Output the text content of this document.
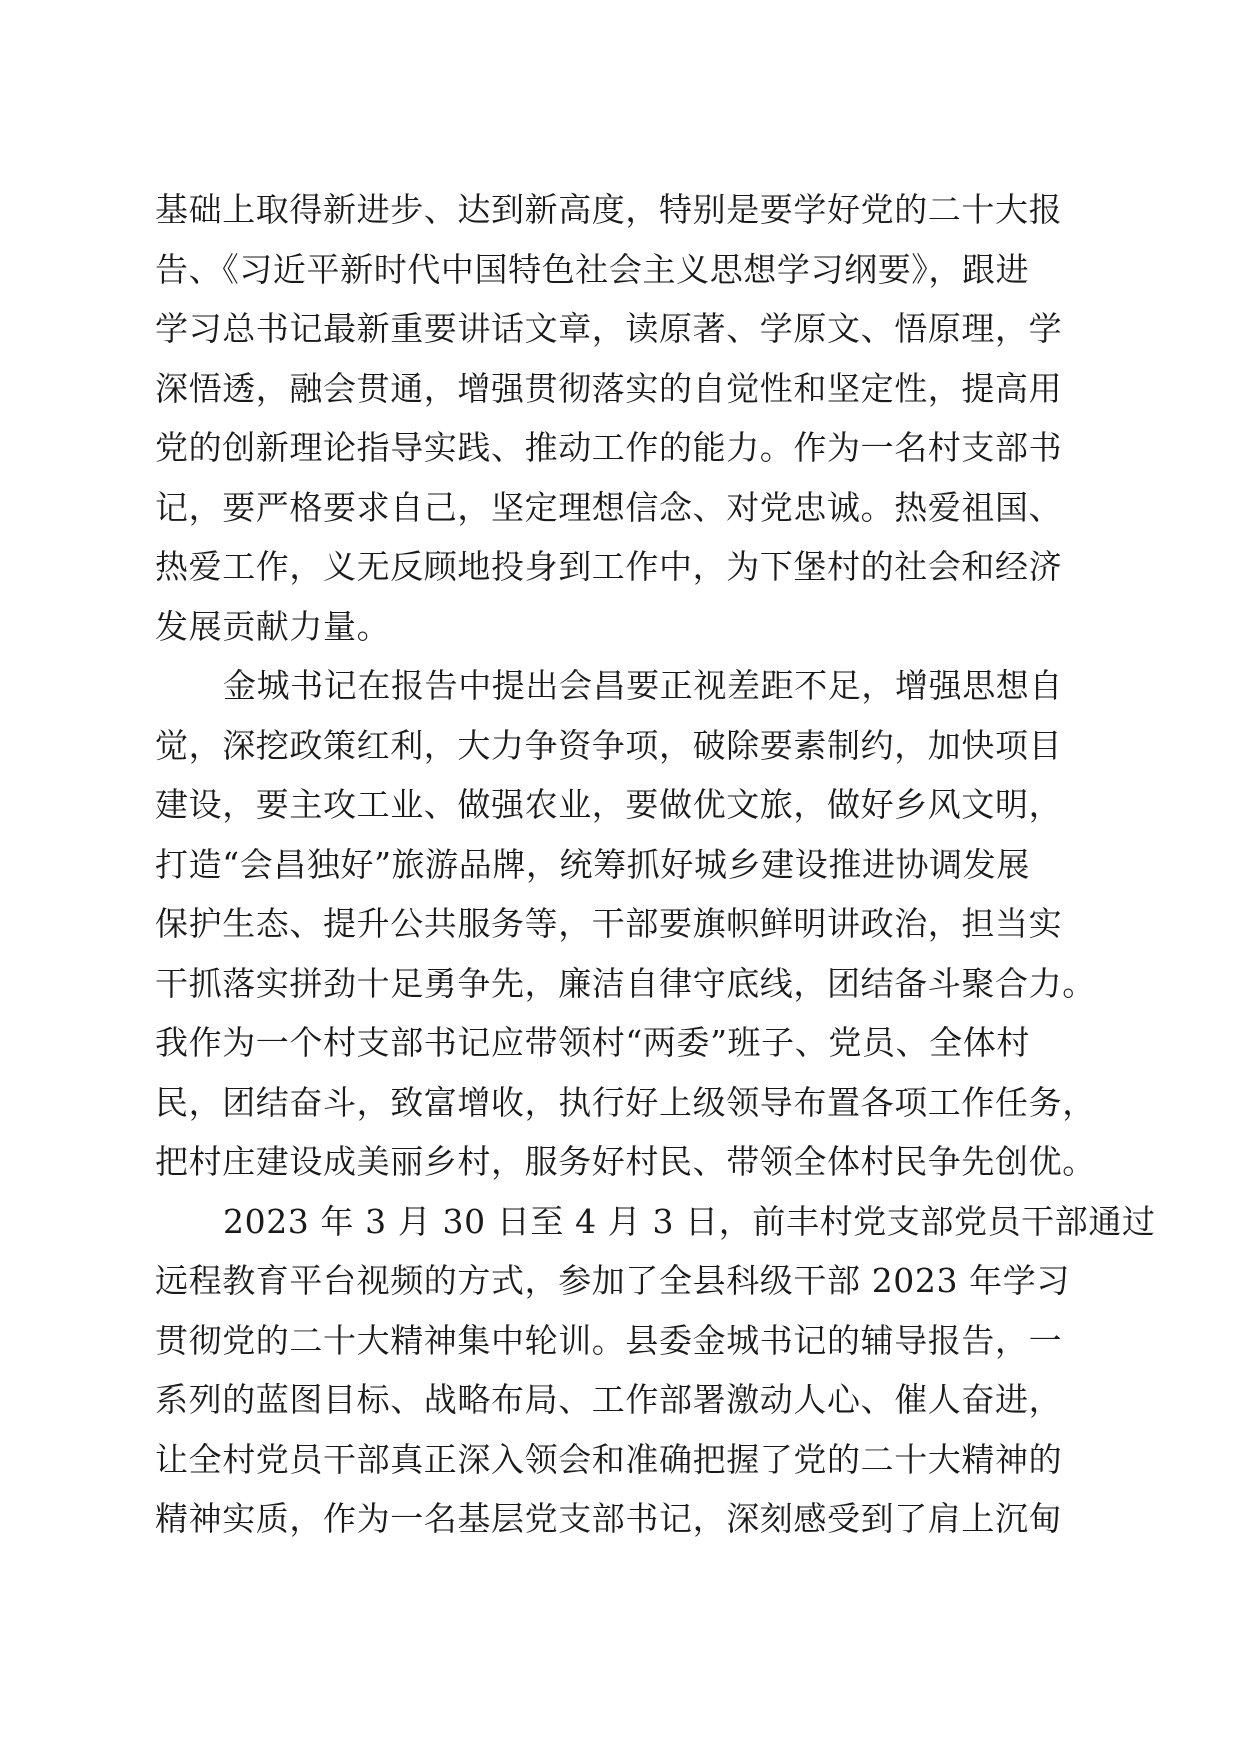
基础上取得新进步、达到新高度，特别是要学好党的二十大报
告、《习近平新时代中国特色社会主义思想学习纲要》，跟进
学习总书记最新重要讲话文章，读原著、学原文、悟原理，学
深悟透，融会贯通，增强贯彻落实的自觉性和坚定性，提高用
党的创新理论指导实践、推动工作的能力。作为一名村支部书
记，要严格要求自己，坚定理想信念、对党忠诚。热爱祖国、
热爱工作，义无反顾地投身到工作中，为下堡村的社会和经济
发展贡献力量。
金城书记在报告中提出会昌要正视差距不足，增强思想自
觉，深挖政策红利，大力争资争项，破除要素制约，加快项目
建设，要主攻工业、做强农业，要做优文旅，做好乡风文明，
打造“会昌独好”旅游品牌，统筹抓好城乡建设推进协调发展
保护生态、提升公共服务等，干部要旗帜鲜明讲政治，担当实
干抓落实拼劲十足勇争先，廉洁自律守底线，团结备斗聚合力。
我作为一个村支部书记应带领村“两委”班子、党员、全体村
民，团结奋斗，致富增收，执行好上级领导布置各项工作任务，
把村庄建设成美丽乡村，服务好村民、带领全体村民争先创优。
2023 年 3 月 30 日至 4 月 3 日，前丰村党支部党员干部通过
远程教育平台视频的方式，参加了全县科级干部 2023 年学习
贯彻党的二十大精神集中轮训。县委金城书记的辅导报告，一
系列的蓝图目标、战略布局、工作部署激动人心、催人奋进，
让全村党员干部真正深入领会和准确把握了党的二十大精神的
精神实质，作为一名基层党支部书记，深刻感受到了肩上沉甸
